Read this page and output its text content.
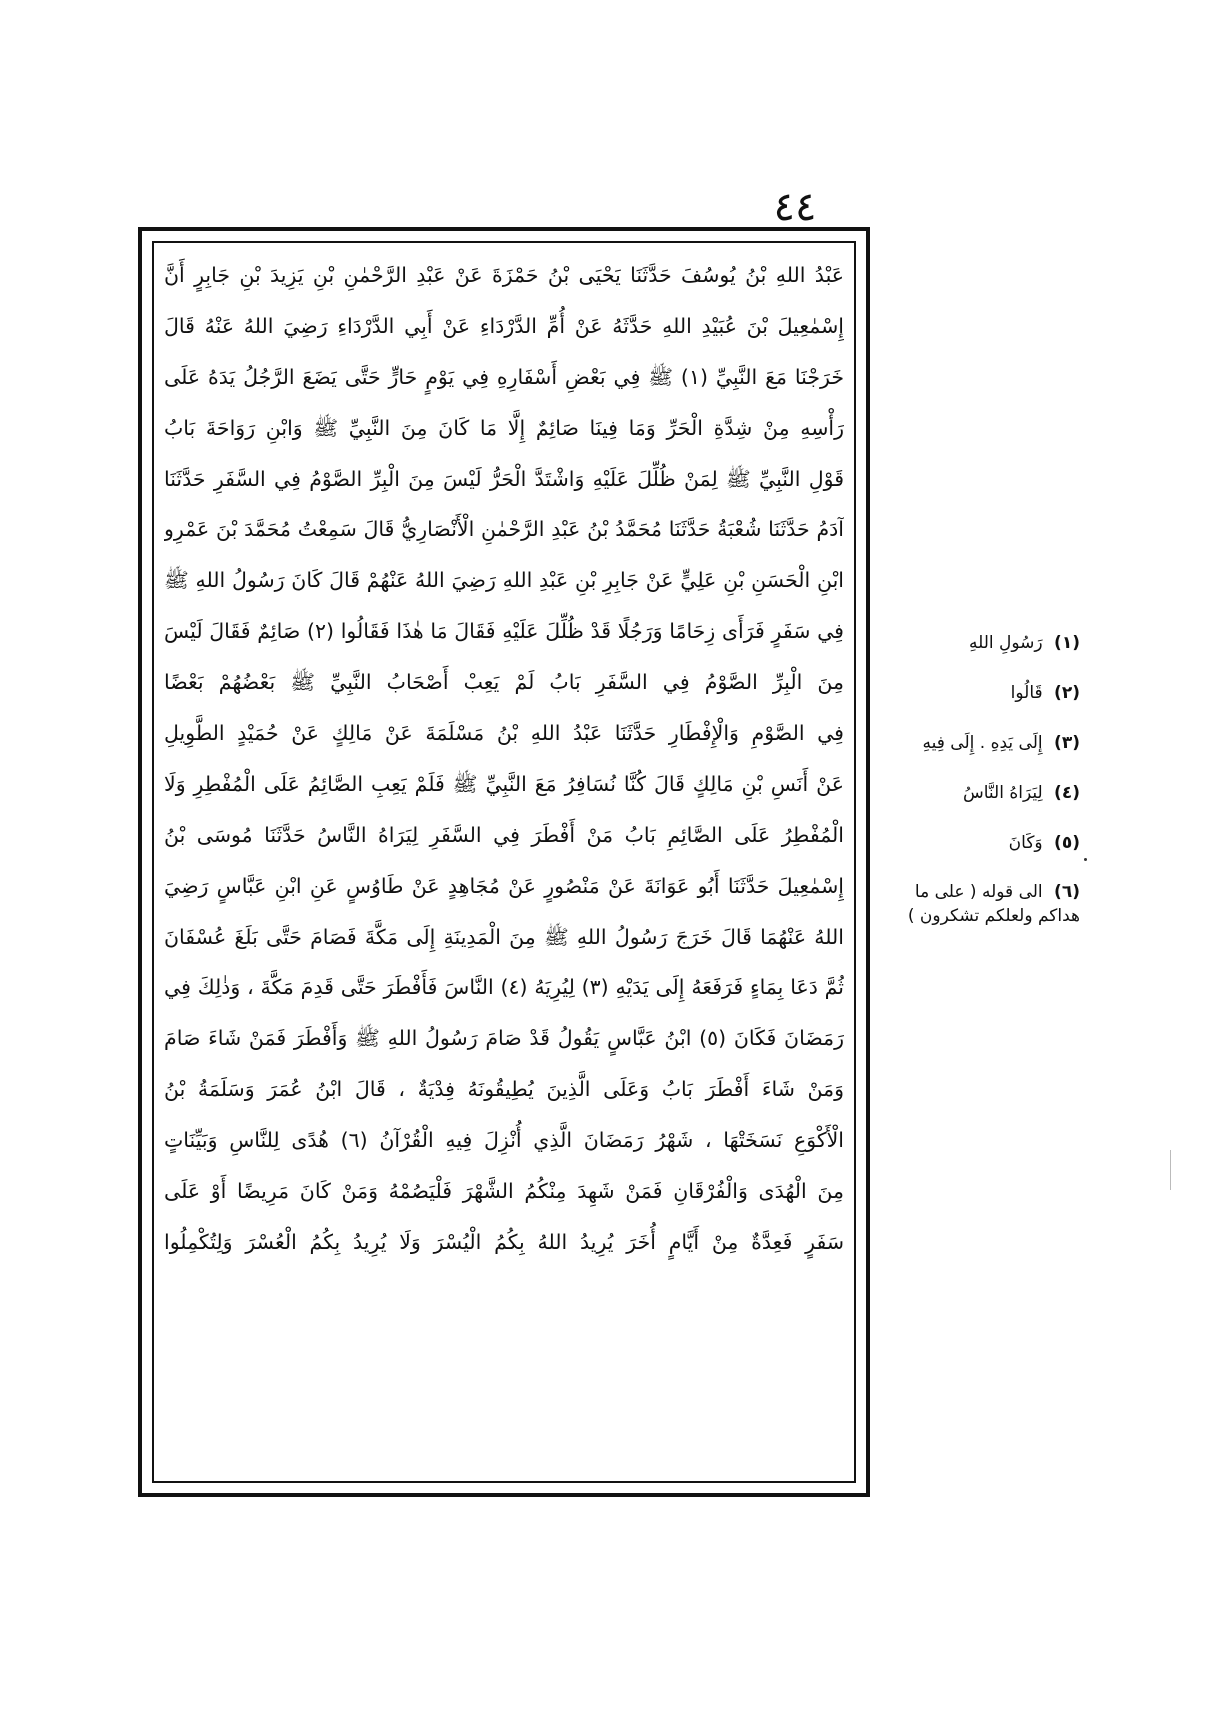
٤٤
عَبْدُ اللهِ بْنُ يُوسُفَ حَدَّثَنَا يَحْيَى بْنُ حَمْزَةَ عَنْ عَبْدِ الرَّحْمٰنِ بْنِ يَزِيدَ بْنِ جَابِرٍ أَنَّ
إِسْمٰعِيلَ بْنَ عُبَيْدِ اللهِ حَدَّثَهُ عَنْ أُمِّ الدَّرْدَاءِ عَنْ أَبِي الدَّرْدَاءِ رَضِيَ اللهُ عَنْهُ قَالَ
خَرَجْنَا مَعَ النَّبِيِّ (١) ﷺ فِي بَعْضِ أَسْفَارِهِ فِي يَوْمٍ حَارٍّ حَتَّى يَضَعَ الرَّجُلُ يَدَهُ عَلَى
رَأْسِهِ مِنْ شِدَّةِ الْحَرِّ وَمَا فِينَا صَائِمٌ إِلَّا مَا كَانَ مِنَ النَّبِيِّ ﷺ وَابْنِ رَوَاحَةَ بَابُ
قَوْلِ النَّبِيِّ ﷺ لِمَنْ ظُلِّلَ عَلَيْهِ وَاشْتَدَّ الْحَرُّ لَيْسَ مِنَ الْبِرِّ الصَّوْمُ فِي السَّفَرِ حَدَّثَنَا
آدَمُ حَدَّثَنَا شُعْبَةُ حَدَّثَنَا مُحَمَّدُ بْنُ عَبْدِ الرَّحْمٰنِ الْأَنْصَارِيُّ قَالَ سَمِعْتُ مُحَمَّدَ بْنَ عَمْرِو
ابْنِ الْحَسَنِ بْنِ عَلِيٍّ عَنْ جَابِرِ بْنِ عَبْدِ اللهِ رَضِيَ اللهُ عَنْهُمْ قَالَ كَانَ رَسُولُ اللهِ ﷺ
فِي سَفَرٍ فَرَأَى زِحَامًا وَرَجُلًا قَدْ ظُلِّلَ عَلَيْهِ فَقَالَ مَا هٰذَا فَقَالُوا (٢) صَائِمٌ فَقَالَ لَيْسَ
مِنَ الْبِرِّ الصَّوْمُ فِي السَّفَرِ بَابُ لَمْ يَعِبْ أَصْحَابُ النَّبِيِّ ﷺ بَعْضُهُمْ بَعْضًا
فِي الصَّوْمِ وَالْإِفْطَارِ حَدَّثَنَا عَبْدُ اللهِ بْنُ مَسْلَمَةَ عَنْ مَالِكٍ عَنْ حُمَيْدٍ الطَّوِيلِ
عَنْ أَنَسِ بْنِ مَالِكٍ قَالَ كُنَّا نُسَافِرُ مَعَ النَّبِيِّ ﷺ فَلَمْ يَعِبِ الصَّائِمُ عَلَى الْمُفْطِرِ وَلَا
الْمُفْطِرُ عَلَى الصَّائِمِ بَابُ مَنْ أَفْطَرَ فِي السَّفَرِ لِيَرَاهُ النَّاسُ حَدَّثَنَا مُوسَى بْنُ
إِسْمٰعِيلَ حَدَّثَنَا أَبُو عَوَانَةَ عَنْ مَنْصُورٍ عَنْ مُجَاهِدٍ عَنْ طَاوُسٍ عَنِ ابْنِ عَبَّاسٍ رَضِيَ
اللهُ عَنْهُمَا قَالَ خَرَجَ رَسُولُ اللهِ ﷺ مِنَ الْمَدِينَةِ إِلَى مَكَّةَ فَصَامَ حَتَّى بَلَغَ عُسْفَانَ
ثُمَّ دَعَا بِمَاءٍ فَرَفَعَهُ إِلَى يَدَيْهِ (٣) لِيُرِيَهُ (٤) النَّاسَ فَأَفْطَرَ حَتَّى قَدِمَ مَكَّةَ ، وَذٰلِكَ فِي
رَمَضَانَ فَكَانَ (٥) ابْنُ عَبَّاسٍ يَقُولُ قَدْ صَامَ رَسُولُ اللهِ ﷺ وَأَفْطَرَ فَمَنْ شَاءَ صَامَ
وَمَنْ شَاءَ أَفْطَرَ بَابُ وَعَلَى الَّذِينَ يُطِيقُونَهُ فِدْيَةٌ ، قَالَ ابْنُ عُمَرَ وَسَلَمَةُ بْنُ
الْأَكْوَعِ نَسَخَتْهَا ، شَهْرُ رَمَضَانَ الَّذِي أُنْزِلَ فِيهِ الْقُرْآنُ (٦) هُدًى لِلنَّاسِ وَبَيِّنَاتٍ
مِنَ الْهُدَى وَالْفُرْقَانِ فَمَنْ شَهِدَ مِنْكُمُ الشَّهْرَ فَلْيَصُمْهُ وَمَنْ كَانَ مَرِيضًا أَوْ عَلَى
سَفَرٍ فَعِدَّةٌ مِنْ أَيَّامٍ أُخَرَ يُرِيدُ اللهُ بِكُمُ الْيُسْرَ وَلَا يُرِيدُ بِكُمُ الْعُسْرَ وَلِتُكْمِلُوا
(١) رَسُولِ اللهِ
(٢) قَالُوا
(٣) إِلَى يَدِهِ . إِلَى فِيهِ
(٤) لِيَرَاهُ النَّاسُ
(٥) وَكَانَ
(٦) الى قوله ( على ما هداكم ولعلكم تشكرون )
